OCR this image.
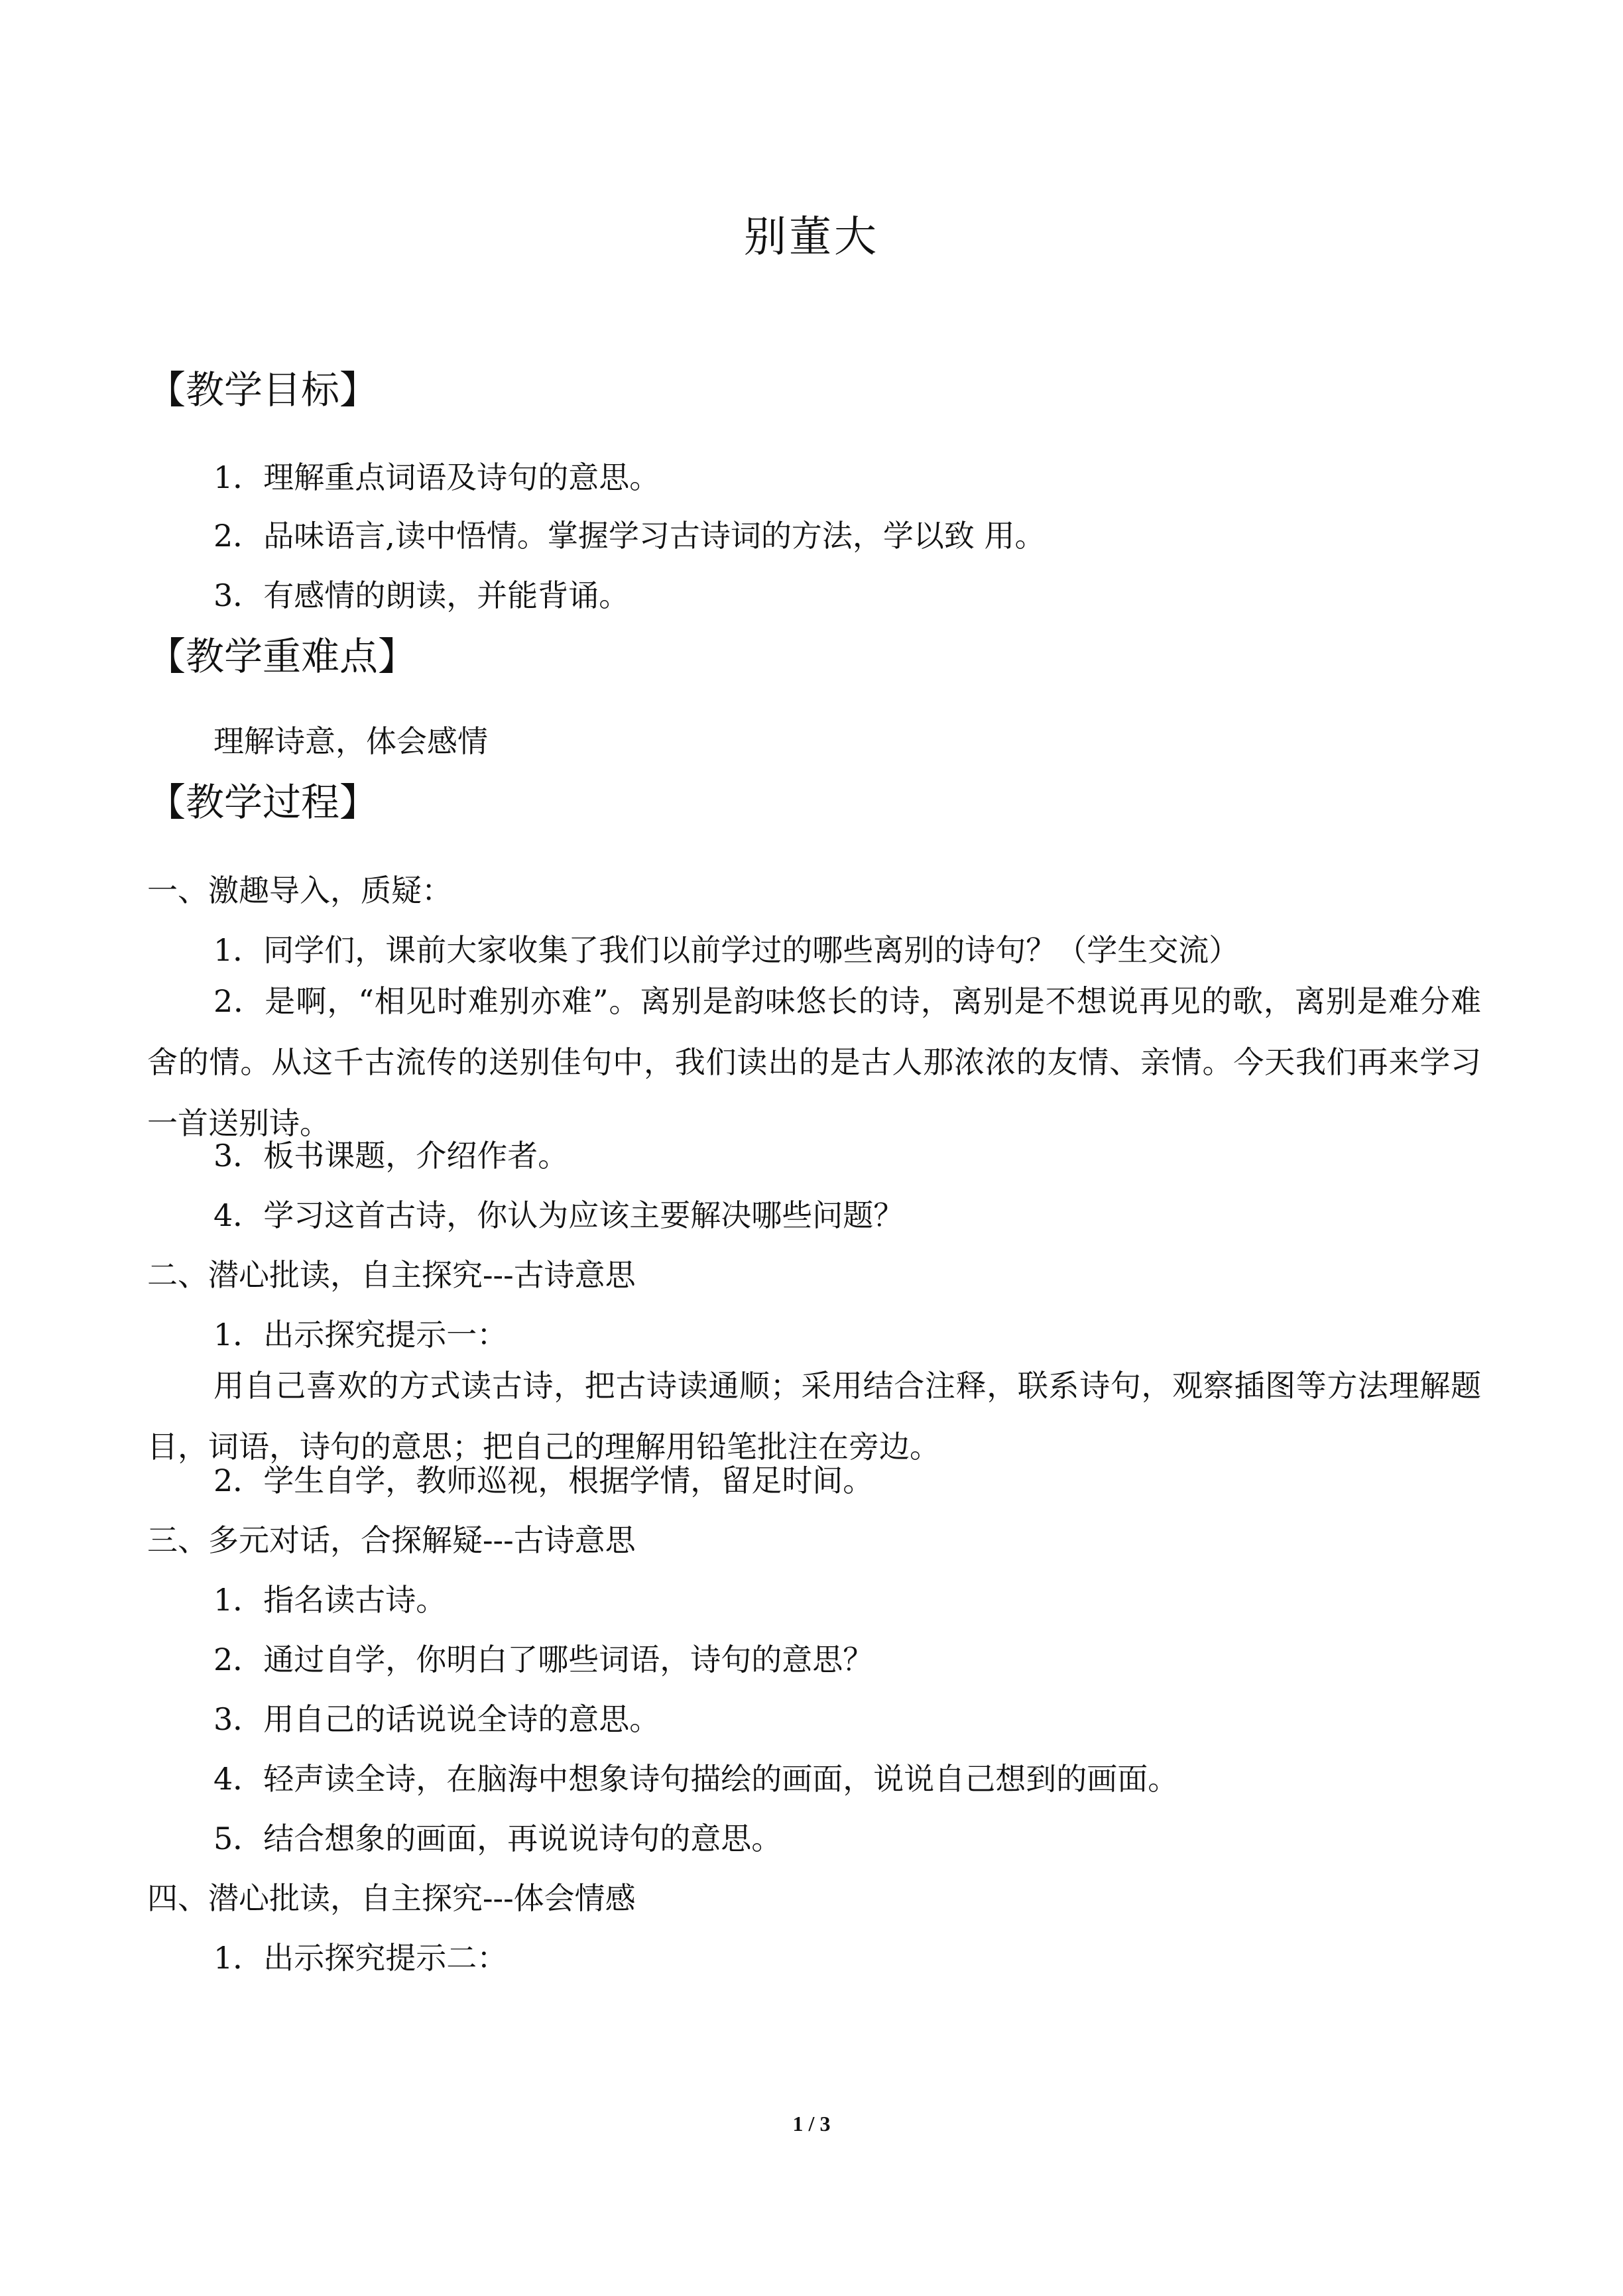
别董大
【教学目标】
1．理解重点词语及诗句的意思。
2．品味语言,读中悟情。掌握学习古诗词的方法，学以致 用。
3．有感情的朗读，并能背诵。
【教学重难点】
理解诗意，体会感情
【教学过程】
一、激趣导入，质疑：
1．同学们，课前大家收集了我们以前学过的哪些离别的诗句？（学生交流）
2．是啊，“相见时难别亦难”。离别是韵味悠长的诗，离别是不想说再见的歌，离别是难分难舍的情。从这千古流传的送别佳句中，我们读出的是古人那浓浓的友情、亲情。今天我们再来学习一首送别诗。
3．板书课题，介绍作者。
4．学习这首古诗，你认为应该主要解决哪些问题？
二、潜心批读，自主探究---古诗意思
1．出示探究提示一：
用自己喜欢的方式读古诗，把古诗读通顺；采用结合注释，联系诗句，观察插图等方法理解题目，词语，诗句的意思；把自己的理解用铅笔批注在旁边。
2．学生自学，教师巡视，根据学情，留足时间。
三、多元对话，合探解疑---古诗意思
1．指名读古诗。
2．通过自学，你明白了哪些词语，诗句的意思？
3．用自己的话说说全诗的意思。
4．轻声读全诗，在脑海中想象诗句描绘的画面，说说自己想到的画面。
5．结合想象的画面，再说说诗句的意思。
四、潜心批读，自主探究---体会情感
1．出示探究提示二：
1 / 3
